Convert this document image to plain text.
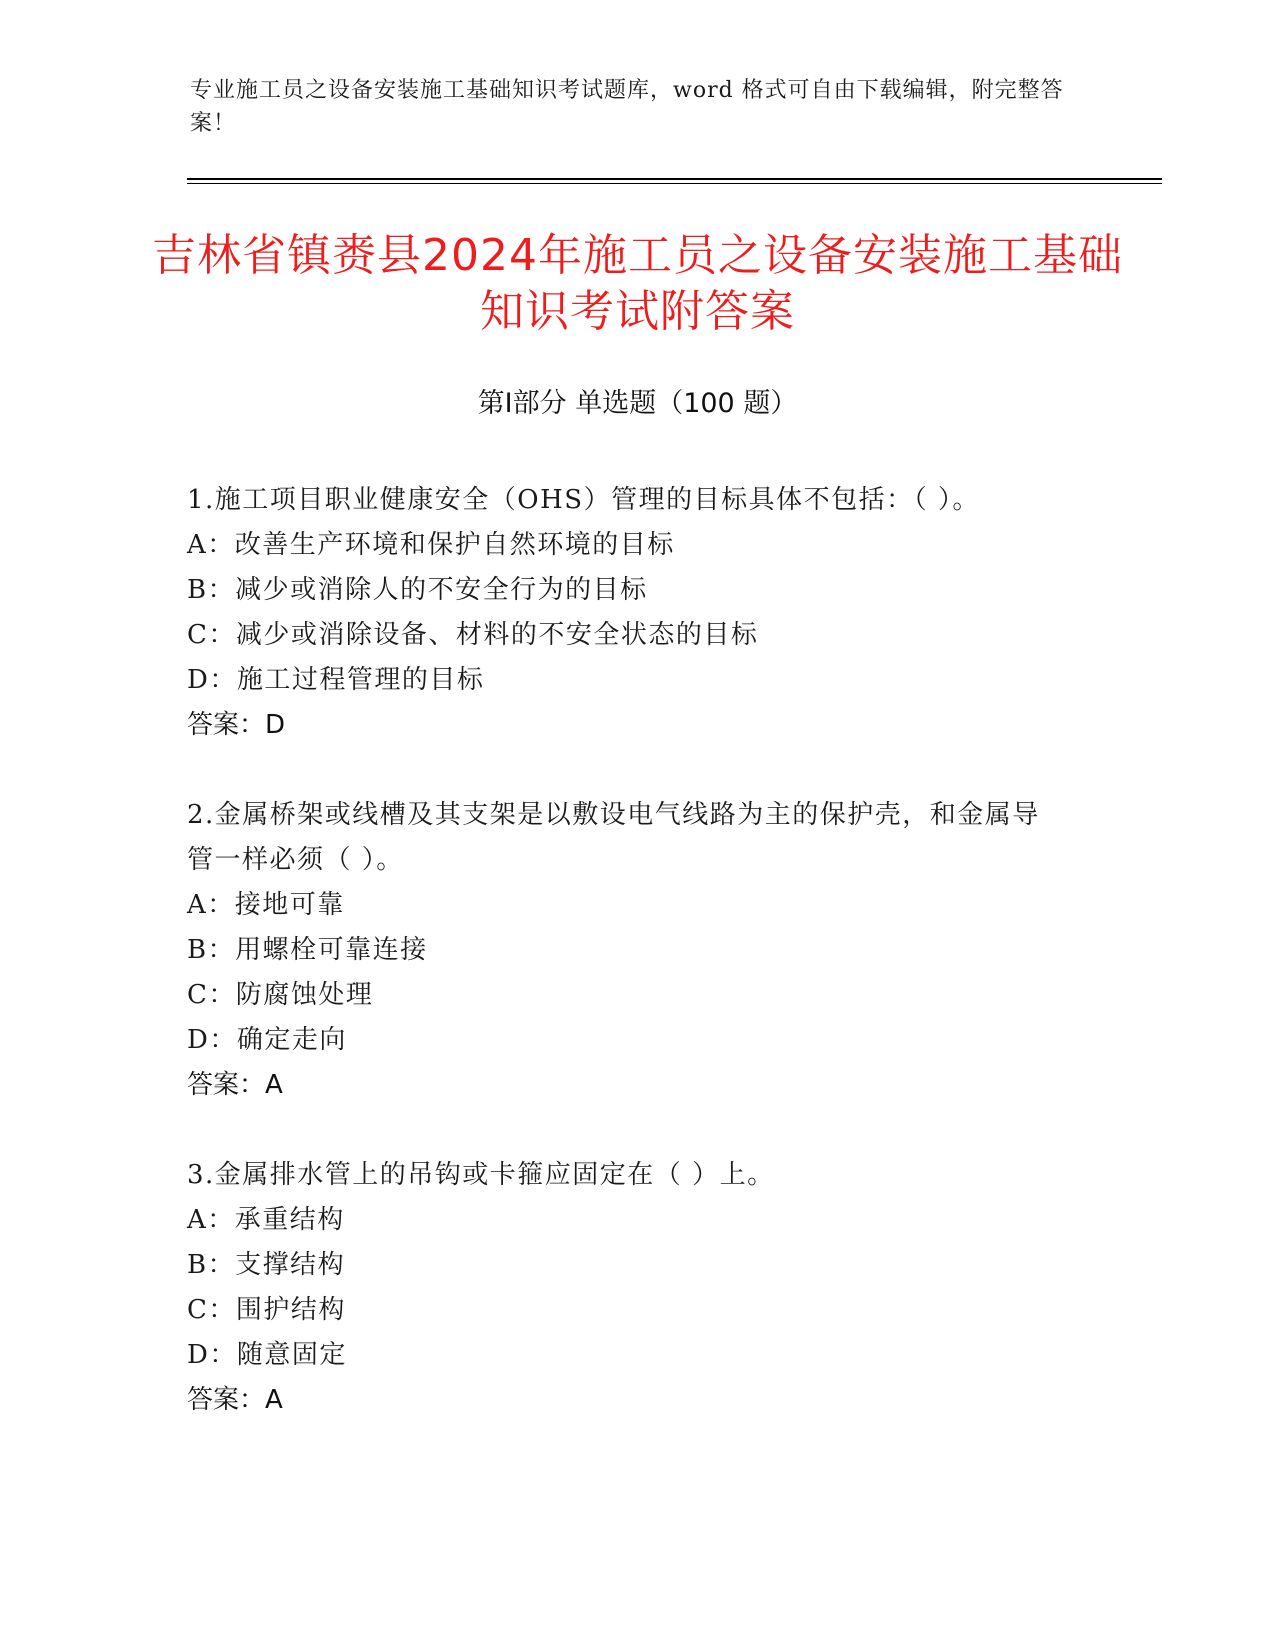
专业施工员之设备安装施工基础知识考试题库，word 格式可自由下载编辑，附完整答案！
吉林省镇赉县2024年施工员之设备安装施工基础知识考试附答案
第Ⅰ部分 单选题（100 题）
1.施工项目职业健康安全（OHS）管理的目标具体不包括：（ ）。
A：改善生产环境和保护自然环境的目标
B：减少或消除人的不安全行为的目标
C：减少或消除设备、材料的不安全状态的目标
D：施工过程管理的目标
答案：D
2.金属桥架或线槽及其支架是以敷设电气线路为主的保护壳，和金属导管一样必须（ ）。
A：接地可靠
B：用螺栓可靠连接
C：防腐蚀处理
D：确定走向
答案：A
3.金属排水管上的吊钩或卡箍应固定在（ ）上。
A：承重结构
B：支撑结构
C：围护结构
D：随意固定
答案：A
